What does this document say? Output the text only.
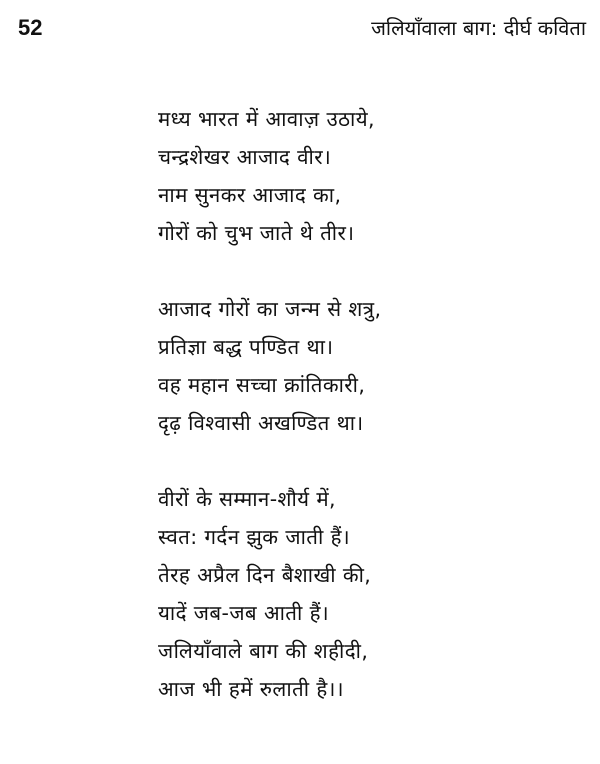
52	जलियाँवाला बाग: दीर्घ कविता

मध्य भारत में आवाज़ उठाये,
चन्द्रशेखर आजाद वीर।
नाम सुनकर आजाद का,
गोरों को चुभ जाते थे तीर।

आजाद गोरों का जन्म से शत्रु,
प्रतिज्ञा बद्ध पण्डित था।
वह महान सच्चा क्रांतिकारी,
दृढ़ विश्वासी अखण्डित था।

वीरों के सम्मान-शौर्य में,
स्वत: गर्दन झुक जाती हैं।
तेरह अप्रैल दिन बैशाखी की,
यादें जब-जब आती हैं।
जलियाँवाले बाग की शहीदी,
आज भी हमें रुलाती है।।
